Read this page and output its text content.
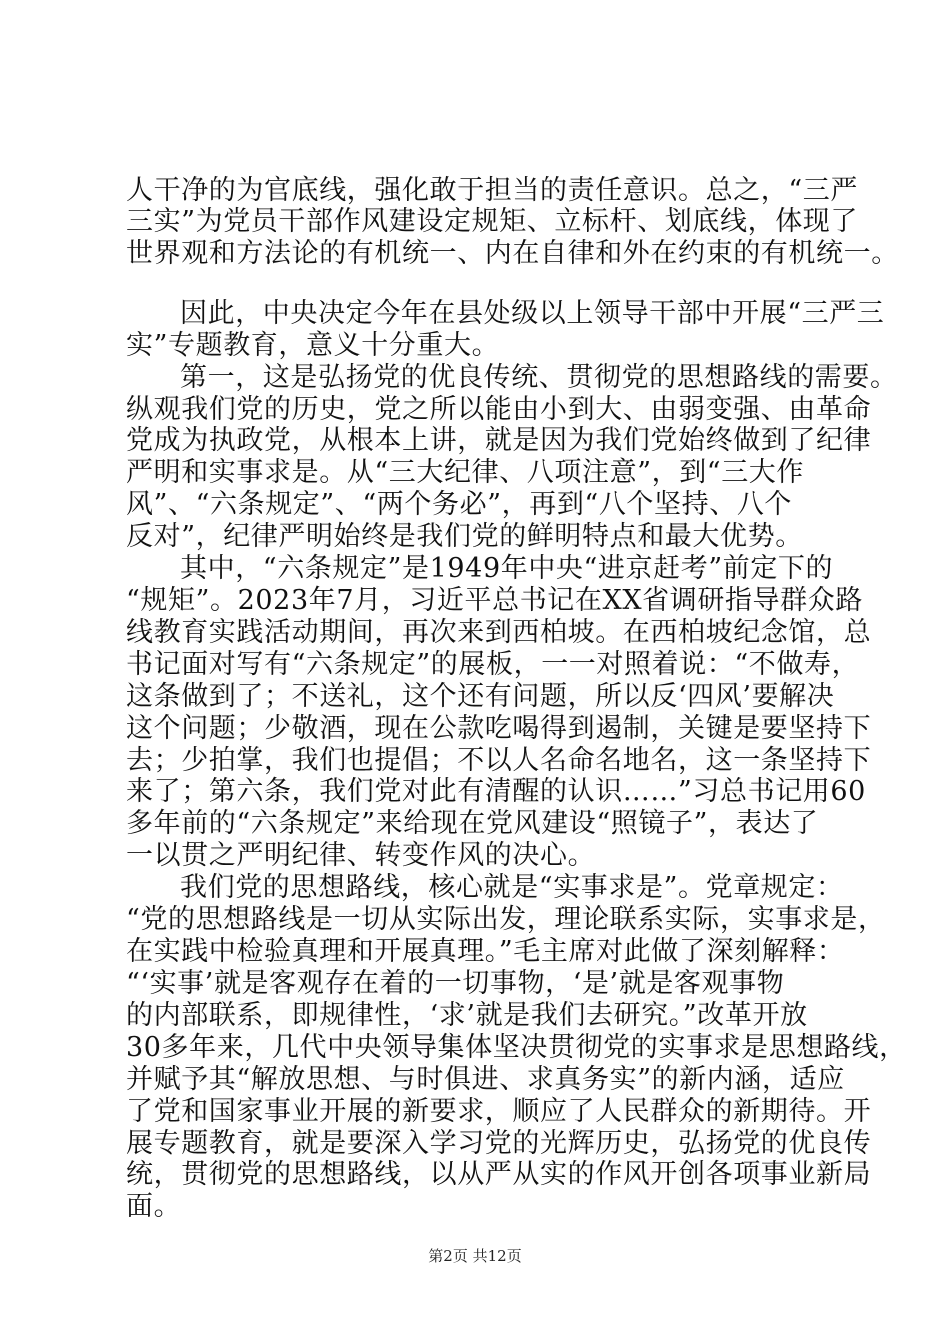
人干净的为官底线，强化敢于担当的责任意识。总之，“三严
三实”为党员干部作风建设定规矩、立标杆、划底线，体现了
世界观和方法论的有机统一、内在自律和外在约束的有机统一。
因此，中央决定今年在县处级以上领导干部中开展“三严三
实”专题教育，意义十分重大。
第一，这是弘扬党的优良传统、贯彻党的思想路线的需要。
纵观我们党的历史，党之所以能由小到大、由弱变强、由革命
党成为执政党，从根本上讲，就是因为我们党始终做到了纪律
严明和实事求是。从“三大纪律、八项注意”，到“三大作
风”、“六条规定”、“两个务必”，再到“八个坚持、八个
反对”，纪律严明始终是我们党的鲜明特点和最大优势。
其中，“六条规定”是1949年中央“进京赶考”前定下的
“规矩”。2023年7月，习近平总书记在XX省调研指导群众路
线教育实践活动期间，再次来到西柏坡。在西柏坡纪念馆，总
书记面对写有“六条规定”的展板，一一对照着说：“不做寿，
这条做到了；不送礼，这个还有问题，所以反‘四风’要解决
这个问题；少敬酒，现在公款吃喝得到遏制，关键是要坚持下
去；少拍掌，我们也提倡；不以人名命名地名，这一条坚持下
来了；第六条，我们党对此有清醒的认识……”习总书记用60
多年前的“六条规定”来给现在党风建设“照镜子”，表达了
一以贯之严明纪律、转变作风的决心。
我们党的思想路线，核心就是“实事求是”。党章规定：
“党的思想路线是一切从实际出发，理论联系实际，实事求是，
在实践中检验真理和开展真理。”毛主席对此做了深刻解释：
“‘实事’就是客观存在着的一切事物，‘是’就是客观事物
的内部联系，即规律性，‘求’就是我们去研究。”改革开放
30多年来，几代中央领导集体坚决贯彻党的实事求是思想路线，
并赋予其“解放思想、与时俱进、求真务实”的新内涵，适应
了党和国家事业开展的新要求，顺应了人民群众的新期待。开
展专题教育，就是要深入学习党的光辉历史，弘扬党的优良传
统，贯彻党的思想路线，以从严从实的作风开创各项事业新局
面。
第2页 共12页
